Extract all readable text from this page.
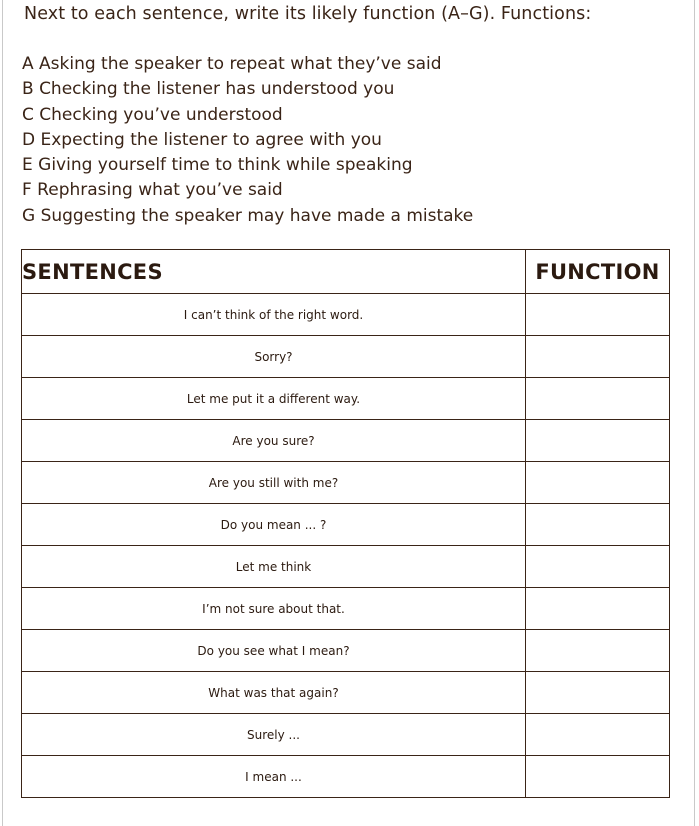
Next to each sentence, write its likely function (A–G). Functions:
A Asking the speaker to repeat what they’ve said
B Checking the listener has understood you
C Checking you’ve understood
D Expecting the listener to agree with you
E Giving yourself time to think while speaking
F Rephrasing what you’ve said
G Suggesting the speaker may have made a mistake
SENTENCES	FUNCTION
I can’t think of the right word.	
Sorry?	
Let me put it a different way.	
Are you sure?	
Are you still with me?	
Do you mean ... ?	
Let me think	
I’m not sure about that.	
Do you see what I mean?	
What was that again?	
Surely ...	
I mean ...	
